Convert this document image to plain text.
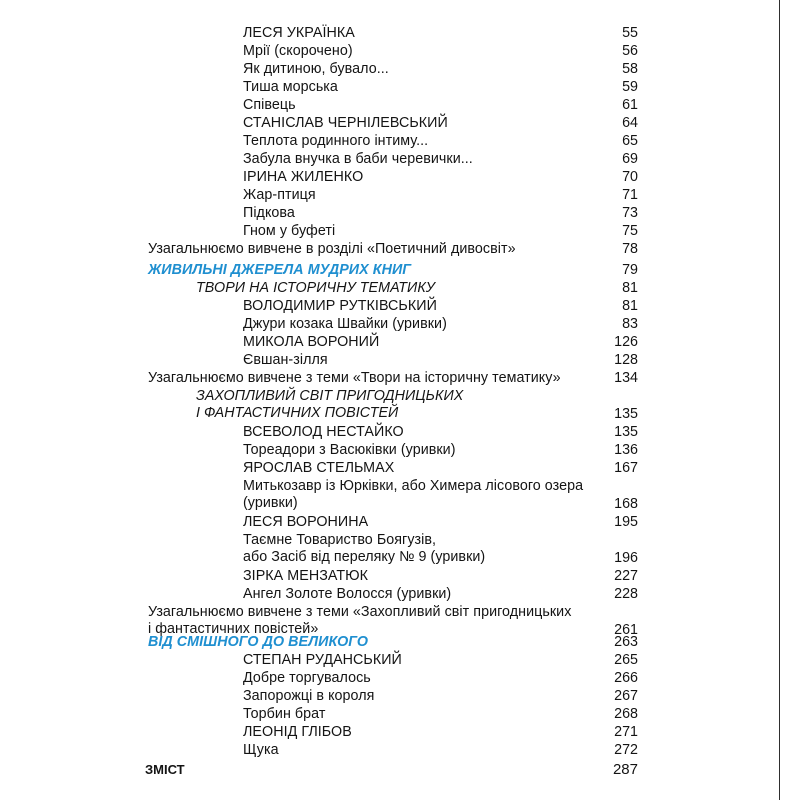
ЛЕСЯ УКРАЇНКА	55
Мрії (скорочено)	56
Як дитиною, бувало...	58
Тиша морська	59
Співець	61
СТАНІСЛАВ ЧЕРНІЛЕВСЬКИЙ	64
Теплота родинного інтиму...	65
Забула внучка в баби черевички...	69
ІРИНА ЖИЛЕНКО	70
Жар-птиця	71
Підкова	73
Гном у буфеті	75
Узагальнюємо вивчене в розділі «Поетичний дивосвіт»	78
ЖИВИЛЬНІ ДЖЕРЕЛА МУДРИХ КНИГ	79
ТВОРИ НА ІСТОРИЧНУ ТЕМАТИКУ	81
ВОЛОДИМИР РУТКІВСЬКИЙ	81
Джури козака Швайки (уривки)	83
МИКОЛА ВОРОНИЙ	126
Євшан-зілля	128
Узагальнюємо вивчене з теми «Твори на історичну тематику»	134
ЗАХОПЛИВИЙ СВІТ ПРИГОДНИЦЬКИХ
І ФАНТАСТИЧНИХ ПОВІСТЕЙ	135
ВСЕВОЛОД НЕСТАЙКО	135
Тореадори з Васюківки (уривки)	136
ЯРОСЛАВ СТЕЛЬМАХ	167
Митькозавр із Юрківки, або Химера лісового озера
(уривки)	168
ЛЕСЯ ВОРОНИНА	195
Таємне Товариство Боягузів,
або Засіб від переляку № 9 (уривки)	196
ЗІРКА МЕНЗАТЮК	227
Ангел Золоте Волосся (уривки)	228
Узагальнюємо вивчене з теми «Захопливий світ пригодницьких
і фантастичних повістей»	261
ВІД СМІШНОГО ДО ВЕЛИКОГО	263
СТЕПАН РУДАНСЬКИЙ	265
Добре торгувалось	266
Запорожці в короля	267
Торбин брат	268
ЛЕОНІД ГЛІБОВ	271
Щука	272
ЗМІСТ	287
